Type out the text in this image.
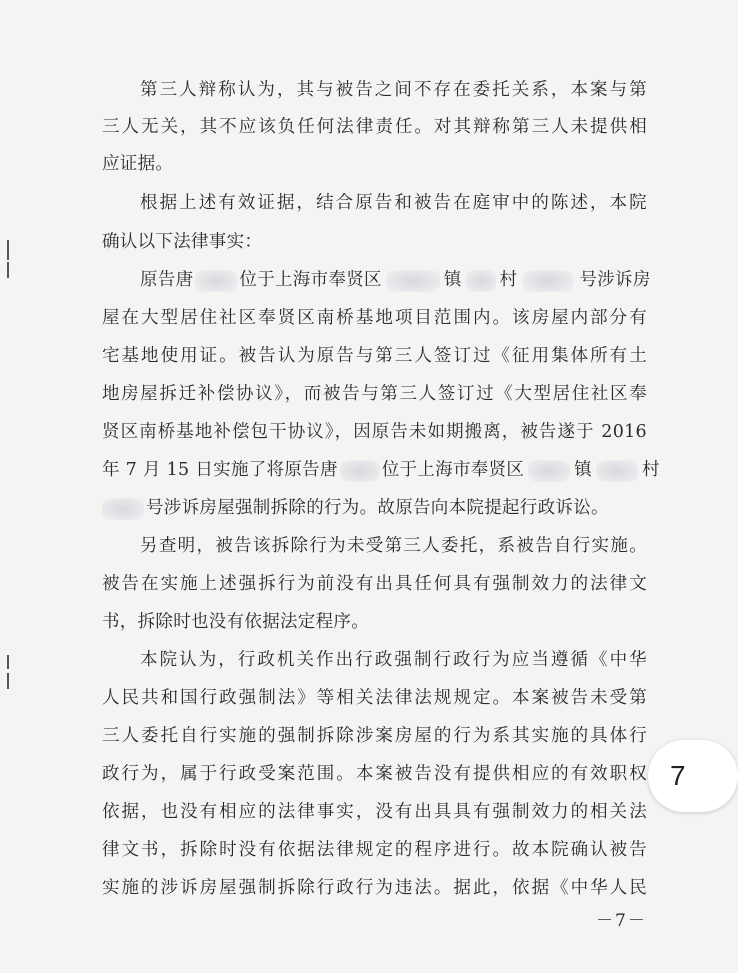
第三人辩称认为，其与被告之间不存在委托关系，本案与第
三人无关，其不应该负任何法律责任。对其辩称第三人未提供相
应证据。
根据上述有效证据，结合原告和被告在庭审中的陈述，本院
确认以下法律事实：
原告唐	位于上海市奉贤区	镇 村	号涉诉房
屋在大型居住社区奉贤区南桥基地项目范围内。该房屋内部分有
宅基地使用证。被告认为原告与第三人签订过《征用集体所有土
地房屋拆迁补偿协议》，而被告与第三人签订过《大型居住社区奉
贤区南桥基地补偿包干协议》，因原告未如期搬离，被告遂于 2016
年 7 月 15 日实施了将原告唐	位于上海市奉贤区	镇	村
号涉诉房屋强制拆除的行为。故原告向本院提起行政诉讼。
另查明，被告该拆除行为未受第三人委托，系被告自行实施。
被告在实施上述强拆行为前没有出具任何具有强制效力的法律文
书，拆除时也没有依据法定程序。
本院认为，行政机关作出行政强制行政行为应当遵循《中华
人民共和国行政强制法》等相关法律法规规定。本案被告未受第
三人委托自行实施的强制拆除涉案房屋的行为系其实施的具体行
政行为，属于行政受案范围。本案被告没有提供相应的有效职权
依据，也没有相应的法律事实，没有出具具有强制效力的相关法
律文书，拆除时没有依据法律规定的程序进行。故本院确认被告
实施的涉诉房屋强制拆除行政行为违法。据此，依据《中华人民
－7－
7
